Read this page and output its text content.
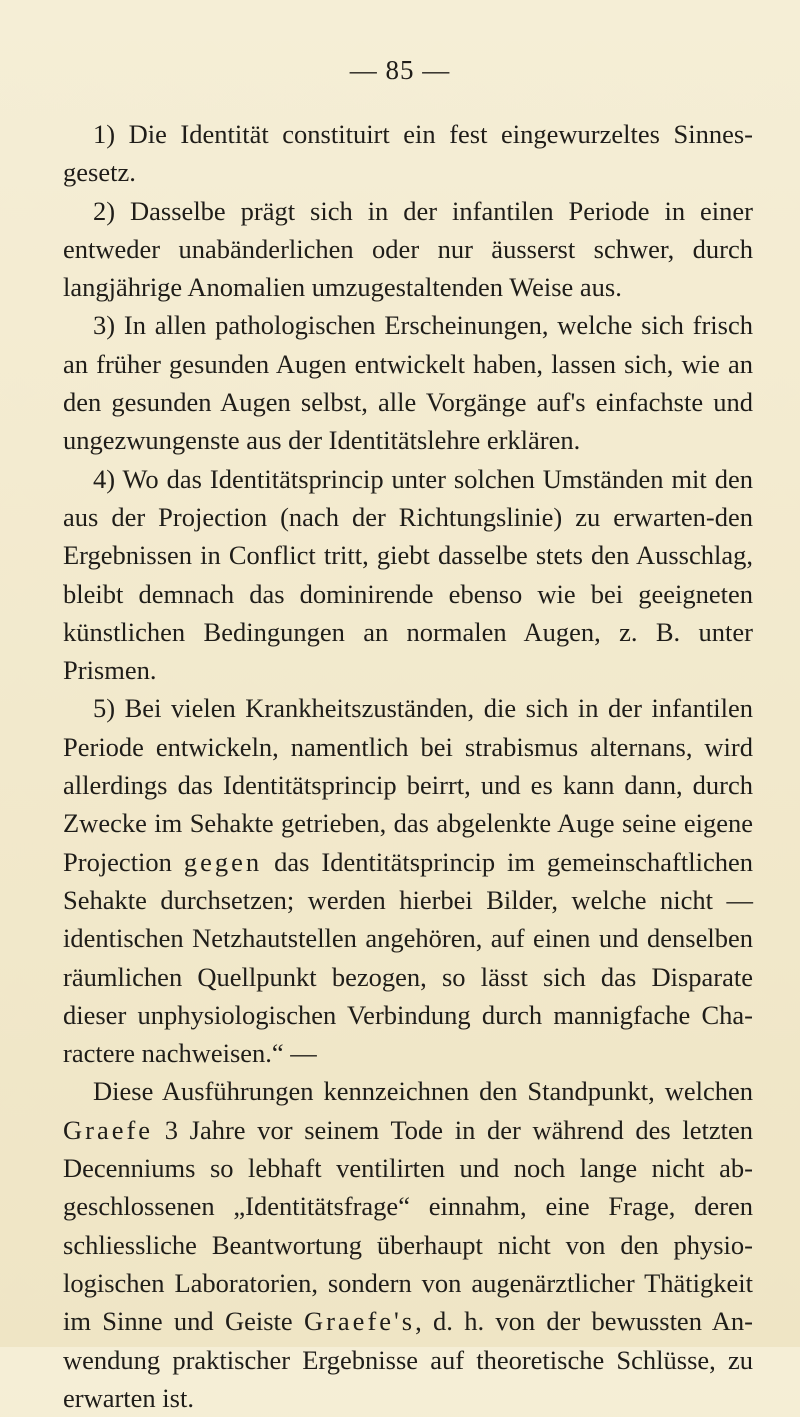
— 85 —

1) Die Identität constituirt ein fest eingewurzeltes Sinnes-gesetz.

2) Dasselbe prägt sich in der infantilen Periode in einer entweder unabänderlichen oder nur äusserst schwer, durch langjährige Anomalien umzugestaltenden Weise aus.

3) In allen pathologischen Erscheinungen, welche sich frisch an früher gesunden Augen entwickelt haben, lassen sich, wie an den gesunden Augen selbst, alle Vorgänge auf's einfachste und ungezwungenste aus der Identitätslehre erklären.

4) Wo das Identitätsprincip unter solchen Umständen mit den aus der Projection (nach der Richtungslinie) zu erwarten-den Ergebnissen in Conflict tritt, giebt dasselbe stets den Ausschlag, bleibt demnach das dominirende ebenso wie bei geeigneten künstlichen Bedingungen an normalen Augen, z. B. unter Prismen.

5) Bei vielen Krankheitszuständen, die sich in der infantilen Periode entwickeln, namentlich bei strabismus alternans, wird allerdings das Identitätsprincip beirrt, und es kann dann, durch Zwecke im Sehakte getrieben, das abgelenkte Auge seine eigene Projection gegen das Identitätsprincip im gemeinschaftlichen Sehakte durchsetzen; werden hierbei Bilder, welche nicht — identischen Netzhautstellen angehören, auf einen und denselben räumlichen Quellpunkt bezogen, so lässt sich das Disparate dieser unphysiologischen Verbindung durch mannigfache Cha-ractere nachweisen.“ —

Diese Ausführungen kennzeichnen den Standpunkt, welchen Graefe 3 Jahre vor seinem Tode in der während des letzten Decenniums so lebhaft ventilirten und noch lange nicht ab-geschlossenen „Identitätsfrage“ einnahm, eine Frage, deren schliessliche Beantwortung überhaupt nicht von den physio-logischen Laboratorien, sondern von augenärztlicher Thätigkeit im Sinne und Geiste Graefe's, d. h. von der bewussten An-wendung praktischer Ergebnisse auf theoretische Schlüsse, zu erwarten ist.
